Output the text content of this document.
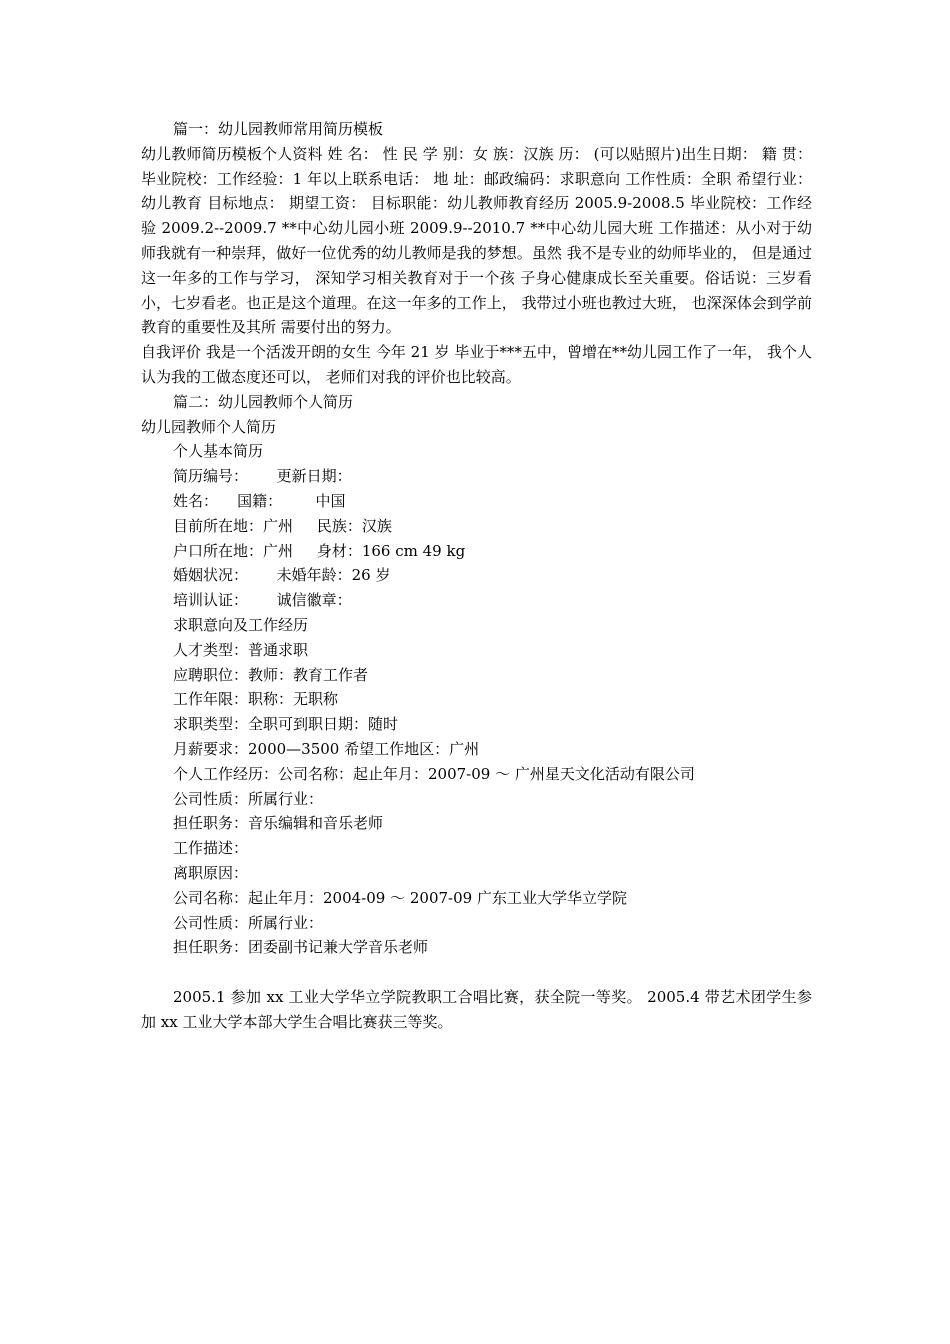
篇一：幼儿园教师常用简历模板

幼儿教师简历模板个人资料 姓 名： 性 民 学 别：女 族：汉族 历： (可以贴照片)出生日期： 籍 贯：毕业院校：工作经验：1 年以上联系电话： 地 址：邮政编码：求职意向 工作性质：全职 希望行业：幼儿教育 目标地点： 期望工资： 目标职能：幼儿教师教育经历 2005.9-2008.5 毕业院校：工作经验 2009.2--2009.7 **中心幼儿园小班 2009.9--2010.7 **中心幼儿园大班 工作描述：从小对于幼师我就有一种崇拜，做好一位优秀的幼儿教师是我的梦想。虽然 我不是专业的幼师毕业的， 但是通过这一年多的工作与学习， 深知学习相关教育对于一个孩 子身心健康成长至关重要。俗话说：三岁看小，七岁看老。也正是这个道理。在这一年多的工作上， 我带过小班也教过大班， 也深深体会到学前教育的重要性及其所 需要付出的努力。

自我评价 我是一个活泼开朗的女生 今年 21 岁 毕业于***五中，曾增在**幼儿园工作了一年， 我个人认为我的工做态度还可以， 老师们对我的评价也比较高。

篇二：幼儿园教师个人简历

幼儿园教师个人简历

个人基本简历

简历编号：      更新日期：

姓名：    国籍：       中国

目前所在地：广州     民族：汉族

户口所在地：广州     身材：166 cm 49 kg

婚姻状况：      未婚年龄：26 岁

培训认证：      诚信徽章：

求职意向及工作经历

人才类型：普通求职

应聘职位：教师：教育工作者

工作年限：职称：无职称

求职类型：全职可到职日期：随时

月薪要求：2000—3500 希望工作地区：广州

个人工作经历：公司名称：起止年月：2007-09 ～ 广州星天文化活动有限公司

公司性质：所属行业：

担任职务：音乐编辑和音乐老师

工作描述：

离职原因：

公司名称：起止年月：2004-09 ～ 2007-09 广东工业大学华立学院

公司性质：所属行业：

担任职务：团委副书记兼大学音乐老师

2005.1 参加 xx 工业大学华立学院教职工合唱比赛，获全院一等奖。 2005.4 带艺术团学生参加 xx 工业大学本部大学生合唱比赛获三等奖。
